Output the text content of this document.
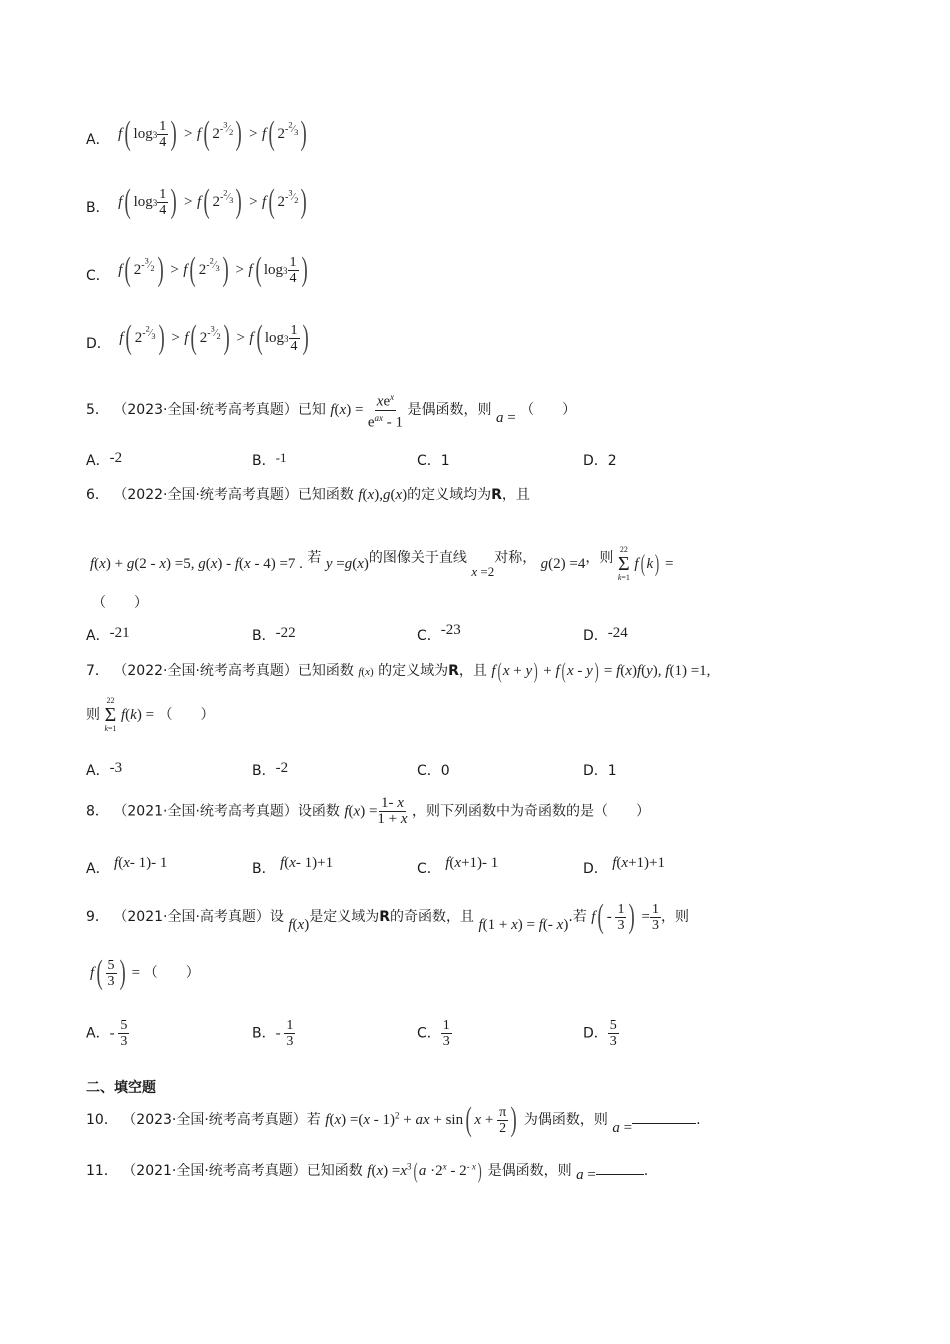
A． f( $\log 3 \frac{1}{4}$ ) > f( $2^{-^3⁄_2}) > f$( $2^{-^2⁄_3}$)
B． f( $\log 3 \frac{1}{4}$ ) > f( $2^{-^2⁄_3}) > f$( $2^{-^3⁄_2}$)
C． f( $2^{-^3⁄_2}) > f$( $2^{-^2⁄_3}) > f$( $\log 3 \frac{1}{4}$ )
D． f( $2^{-^2⁄_3}) > f$( $2^{-^3⁄_2}) > f$( $\log 3 \frac{1}{4}$ )
5． （2023·全国·统考高考真题）已知 $f(x) = \frac{xe^x}{e^{ax} - 1}$ 是偶函数，则 a = （　　）
A．-2	B．-1	C．1	D．2
6． （2022·全国·统考高考真题）已知函数 f(x),g(x)的定义域均为R，且
f(x) + g(2 - x) =5, g(x) - f(x - 4) =7 . 若 y =g(x)的图像关于直线 x =2对称， g(2) =4，则
22
Σ
k=1
f( k) =
（　　）
A．-21	B．-22	C．-23	D．-24
7． （2022·全国·统考高考真题）已知函数 f(x) 的定义域为R，且 f( x + y) + f( x - y) = f(x)f(y), f(1) =1,
则
22
Σ
k=1
f(k) = （　　）
A．-3	B．-2	C．0	D．1
8． （2021·全国·统考高考真题）设函数 $f(x) = \frac{1- x}{1 + x}$ ，则下列函数中为奇函数的是（　　）
A． f(x- 1)- 1	B． f(x- 1)+1	C． f(x+1)- 1	D． f(x+1)+1
9． （2021·全国·高考真题）设 f(x)是定义域为R的奇函数，且 f(1 + x) = f(- x).若 $f( - \frac{1}{3}$ ) = $\frac{1}{3}$ ，则
$f( \frac{5}{3}$ ) = （　　）
A．- $\frac{5}{3}$	B．- $\frac{1}{3}$	C． $\frac{1}{3}$	D． $\frac{5}{3}$
二、填空题
10． （2023·全国·统考高考真题）若 f(x) =(x - 1)$^2$ + ax + sin( $x + \frac{\pi}{2}$ ) 为偶函数，则 a =	.
11． （2021·全国·统考高考真题）已知函数 $f(x) =x^3$( $a \cdot 2^x - 2^{- x}$) 是偶函数，则 a =	.
